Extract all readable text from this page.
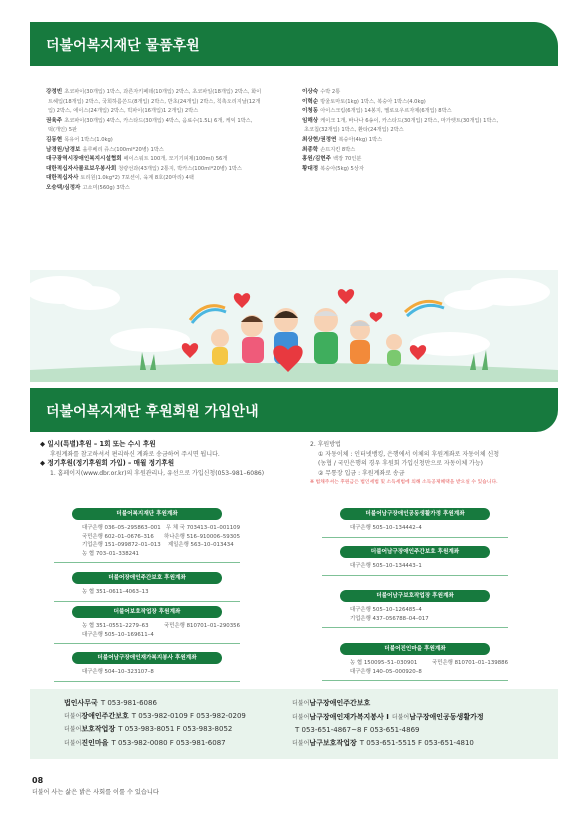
더불어복지재단 물품후원
강정빈 초코파이(30개입) 1박스, 과른자키페데(10개입) 2박스, 초코파일(18개입) 2박스, 화이
트헤입(18개입) 2박스, 국희하름쓴드(8개입) 2박스, 반초(24개입) 2박스, 칙촉오리지날(12개
입) 2박스, 에이스(24개입) 2박스, 빅파이(16개입)1 2개입) 2박스
권육주 초코파이(30개입) 4박스, 카스타드(30개입) 4박스, 음료수(1.5L) 6개, 케익 1박스,
떡(개인) 5판
김동현 목유어 1박스(1.0kg)
남경원/남경보 을루베리 쥬스(100ml*20병) 1박스
대구광역시장애인복지시설협회 페이스워트 100개, 모기기피제(100ml) 56개
대한적십자사볼르보우봉사회 청량선과(43개입) 2통지, 박카스(100ml*20병) 1박스
대한적십자사 토리원(1.0kg*2) 7포션이, 육계 8호(20마리) 4팩
오승택/심정자 고소미(560g) 3박스
이상숙 수박 2통
이혁순 방울토마토(1kg) 1박스, 복숭아 1박스(4.0kg)
이청동 아이스크림(6개입) 14봉지, 멜로요우르자제(6개입) 8박스
임해상 케이크 1개, 바나나 6송이, 카스타드(30개입) 2박스, 마가렛트(30개입) 1박스,
초코칩(32개입) 1박스, 환타(24개입) 2박스
최상현/권정연 복숭아(4kg) 1박스
최종학 손뜨지킨 8박스
홍원/김현주 백장 70인분
황대정 복숭아(5kg) 5상자
더불어복지재단 후원회원 가입안내
◆ 일시(특별)후원 – 1회 또는 수시 후원
후원계좌를 참고하셔서 편리하신 계좌로 송금하여 주시면 됩니다.
◆ 정기후원(정기후원회 가입) – 매월 정기후원
1. 홈페이지(www.dbr.or.kr)의 후원관리나, 유선으로 가입신청(053–981–6086)
2. 후원방법
① 자동이체 : 인터넷뱅킹, 은행에서 이체의 후원계좌로 자동이체 신청
(농협 / 국민은행의 경우 후원회 가입신청만으로 자동이체 가능)
② 무통장 입금 : 후원계좌로 송금
※ 법채주셔는 후원금은 법인세법 및 소득세법에 의해 소득공제혜택을 받으실 수 있습니다.
더불어복지재단 후원계좌
대구은행 036–05–295863–001 우 체 국 703413–01–001109
국민은행 602–01–0676–316	하나은행 516–910006–59305
기업은행 151–099872–01–013	제일은행 563–10–013434
농 협 703–01–338241
더불어장애인주간보호 후원계좌
농 협 351–0611–4063–13
더불어보호작업장 후원계좌
농 협 351–0551–2279–63	국민은행 810701–01–290356
대구은행 505–10–169611–4
더불어남구장애인재가복지봉사 후원계좌
대구은행 504–10–323107–8
더불어남구장애인공동생활가정 후원계좌
대구은행 505–10–134442–4
더불어남구장애인주간보호 후원계좌
대구은행 505–10–134443–1
더불어남구보호작업장 후원계좌
대구은행 505–10–126485–4
기업은행 437–056788–04–017
더불어진인마을 후원계좌
농 협 150095–51–030901	국민은행 810701–01–139886
대구은행 140–05–000920–8
법인사무국 T 053-981-6086
더불어장애인주간보호 T 053-982-0109 F 053-982-0209
더불어보호작업장 T 053-983-8051 F 053-983-8052
더불어진인마을 T 053-982-0080 F 053-981-6087
더불어남구장애인주간보호
더불어남구장애인재가복지봉사 I 더불어남구장애인공동생활가정
T 053-651-4867~8 F 053-651-4869
더불어남구보호작업장 T 053-651-5515 F 053-651-4810
08
더불어 사는 삶은 밝은 사회를 이룰 수 있습니다
